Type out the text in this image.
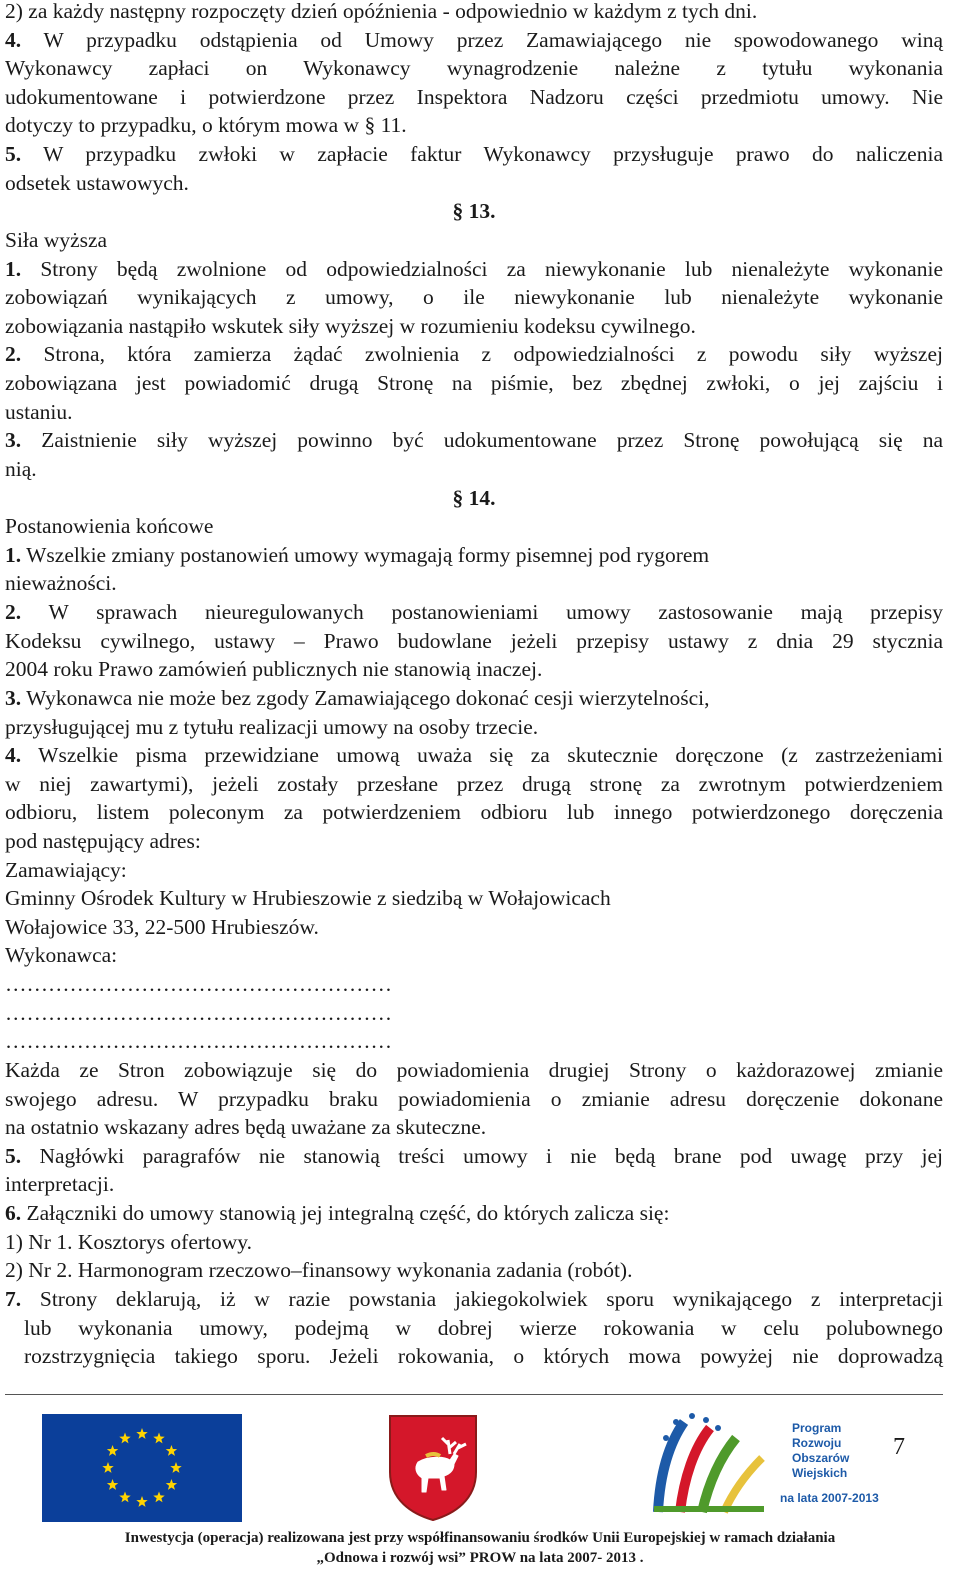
2) za każdy następny rozpoczęty dzień opóźnienia - odpowiednio w każdym z tych dni.
4. W przypadku odstąpienia od Umowy przez Zamawiającego nie spowodowanego winą
Wykonawcy zapłaci on Wykonawcy wynagrodzenie należne z tytułu wykonania
udokumentowane i potwierdzone przez Inspektora Nadzoru części przedmiotu umowy. Nie
dotyczy to przypadku, o którym mowa w § 11.
5. W przypadku zwłoki w zapłacie faktur Wykonawcy przysługuje prawo do naliczenia
odsetek ustawowych.
§ 13.
Siła wyższa
1. Strony będą zwolnione od odpowiedzialności za niewykonanie lub nienależyte wykonanie
zobowiązań wynikających z umowy, o ile niewykonanie lub nienależyte wykonanie
zobowiązania nastąpiło wskutek siły wyższej w rozumieniu kodeksu cywilnego.
2. Strona, która zamierza żądać zwolnienia z odpowiedzialności z powodu siły wyższej
zobowiązana jest powiadomić drugą Stronę na piśmie, bez zbędnej zwłoki, o jej zajściu i
ustaniu.
3. Zaistnienie siły wyższej powinno być udokumentowane przez Stronę powołującą się na
nią.
§ 14.
Postanowienia końcowe
1. Wszelkie zmiany postanowień umowy wymagają formy pisemnej pod rygorem
nieważności.
2. W sprawach nieuregulowanych postanowieniami umowy zastosowanie mają przepisy
Kodeksu cywilnego, ustawy – Prawo budowlane jeżeli przepisy ustawy z dnia 29 stycznia
2004 roku Prawo zamówień publicznych nie stanowią inaczej.
3. Wykonawca nie może bez zgody Zamawiającego dokonać cesji wierzytelności,
przysługującej mu z tytułu realizacji umowy na osoby trzecie.
4. Wszelkie pisma przewidziane umową uważa się za skutecznie doręczone (z zastrzeżeniami
w niej zawartymi), jeżeli zostały przesłane przez drugą stronę za zwrotnym potwierdzeniem
odbioru, listem poleconym za potwierdzeniem odbioru lub innego potwierdzonego doręczenia
pod następujący adres:
Zamawiający:
Gminny Ośrodek Kultury w Hrubieszowie z siedzibą w Wołajowicach
Wołajowice 33, 22-500 Hrubieszów.
Wykonawca:
………………………………………………
………………………………………………
………………………………………………
Każda ze Stron zobowiązuje się do powiadomienia drugiej Strony o każdorazowej zmianie
swojego adresu. W przypadku braku powiadomienia o zmianie adresu doręczenie dokonane
na ostatnio wskazany adres będą uważane za skuteczne.
5. Nagłówki paragrafów nie stanowią treści umowy i nie będą brane pod uwagę przy jej
interpretacji.
6. Załączniki do umowy stanowią jej integralną część, do których zalicza się:
1) Nr 1. Kosztorys ofertowy.
2) Nr 2. Harmonogram rzeczowo–finansowy wykonania zadania (robót).
7. Strony deklarują, iż w razie powstania jakiegokolwiek sporu wynikającego z interpretacji
lub wykonania umowy, podejmą w dobrej wierze rokowania w celu polubownego
rozstrzygnięcia takiego sporu. Jeżeli rokowania, o których mowa powyżej nie doprowadzą
Program
Rozwoju
Obszarów
Wiejskich
na lata 2007-2013
7
Inwestycja (operacja) realizowana jest przy współfinansowaniu środków Unii Europejskiej w ramach działania
„Odnowa i rozwój wsi” PROW na lata 2007- 2013 .
